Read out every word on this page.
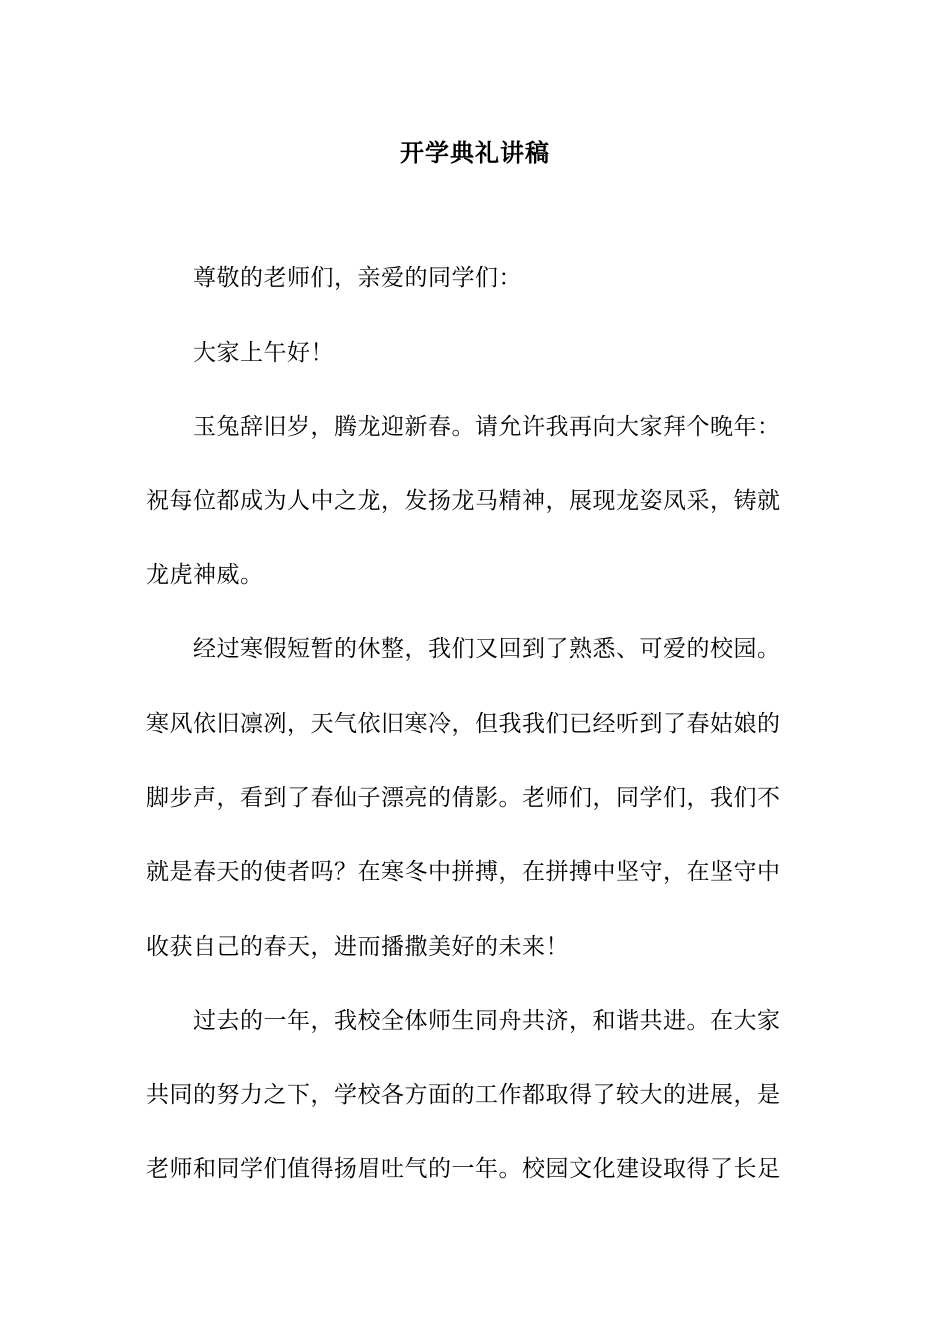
开学典礼讲稿
尊敬的老师们，亲爱的同学们：
大家上午好！
玉兔辞旧岁，腾龙迎新春。请允许我再向大家拜个晚年：
祝每位都成为人中之龙，发扬龙马精神，展现龙姿凤采，铸就
龙虎神威。
经过寒假短暂的休整，我们又回到了熟悉、可爱的校园。
寒风依旧凛冽，天气依旧寒冷，但我我们已经听到了春姑娘的
脚步声，看到了春仙子漂亮的倩影。老师们，同学们，我们不
就是春天的使者吗？在寒冬中拼搏，在拼搏中坚守，在坚守中
收获自己的春天，进而播撒美好的未来！
过去的一年，我校全体师生同舟共济，和谐共进。在大家
共同的努力之下，学校各方面的工作都取得了较大的进展，是
老师和同学们值得扬眉吐气的一年。校园文化建设取得了长足
